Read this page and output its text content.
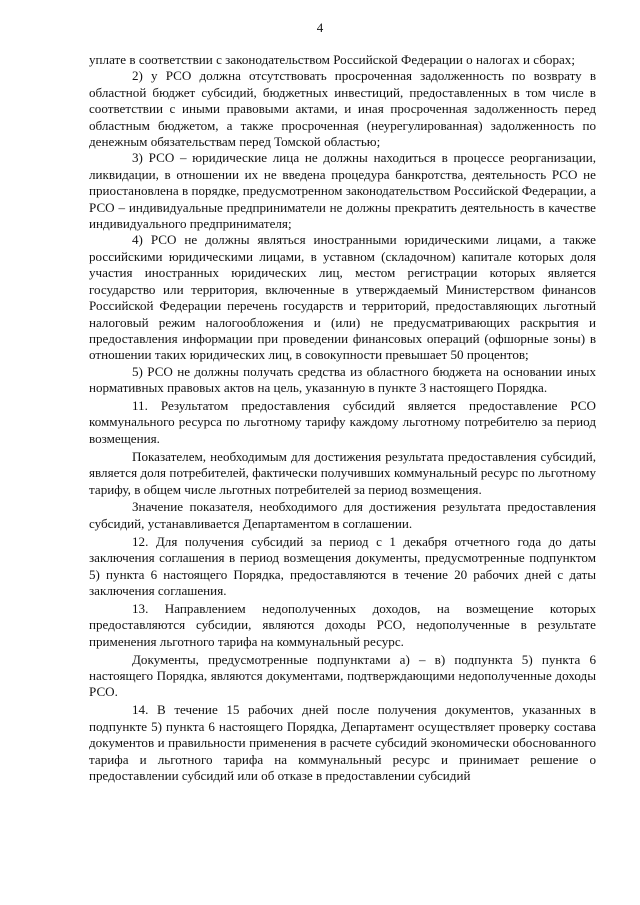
4

уплате в соответствии с законодательством Российской Федерации о налогах и сборах;

2) у РСО должна отсутствовать просроченная задолженность по возврату в областной бюджет субсидий, бюджетных инвестиций, предоставленных в том числе в соответствии с иными правовыми актами, и иная просроченная задолженность перед областным бюджетом, а также просроченная (неурегулированная) задолженность по денежным обязательствам перед Томской областью;

3) РСО – юридические лица не должны находиться в процессе реорганизации, ликвидации, в отношении их не введена процедура банкротства, деятельность РСО не приостановлена в порядке, предусмотренном законодательством Российской Федерации, а РСО – индивидуальные предприниматели не должны прекратить деятельность в качестве индивидуального предпринимателя;

4) РСО не должны являться иностранными юридическими лицами, а также российскими юридическими лицами, в уставном (складочном) капитале которых доля участия иностранных юридических лиц, местом регистрации которых является государство или территория, включенные в утверждаемый Министерством финансов Российской Федерации перечень государств и территорий, предоставляющих льготный налоговый режим налогообложения и (или) не предусматривающих раскрытия и предоставления информации при проведении финансовых операций (офшорные зоны) в отношении таких юридических лиц, в совокупности превышает 50 процентов;

5) РСО не должны получать средства из областного бюджета на основании иных нормативных правовых актов на цель, указанную в пункте 3 настоящего Порядка.

11. Результатом предоставления субсидий является предоставление РСО коммунального ресурса по льготному тарифу каждому льготному потребителю за период возмещения.

Показателем, необходимым для достижения результата предоставления субсидий, является доля потребителей, фактически получивших коммунальный ресурс по льготному тарифу, в общем числе льготных потребителей за период возмещения.

Значение показателя, необходимого для достижения результата предоставления субсидий, устанавливается Департаментом в соглашении.

12. Для получения субсидий за период с 1 декабря отчетного года до даты заключения соглашения в период возмещения документы, предусмотренные подпунктом 5) пункта 6 настоящего Порядка, предоставляются в течение 20 рабочих дней с даты заключения соглашения.

13. Направлением недополученных доходов, на возмещение которых предоставляются субсидии, являются доходы РСО, недополученные в результате применения льготного тарифа на коммунальный ресурс.

Документы, предусмотренные подпунктами а) – в) подпункта 5) пункта 6 настоящего Порядка, являются документами, подтверждающими недополученные доходы РСО.

14. В течение 15 рабочих дней после получения документов, указанных в подпункте 5) пункта 6 настоящего Порядка, Департамент осуществляет проверку состава документов и правильности применения в расчете субсидий экономически обоснованного тарифа и льготного тарифа на коммунальный ресурс и принимает решение о предоставлении субсидий или об отказе в предоставлении субсидий
